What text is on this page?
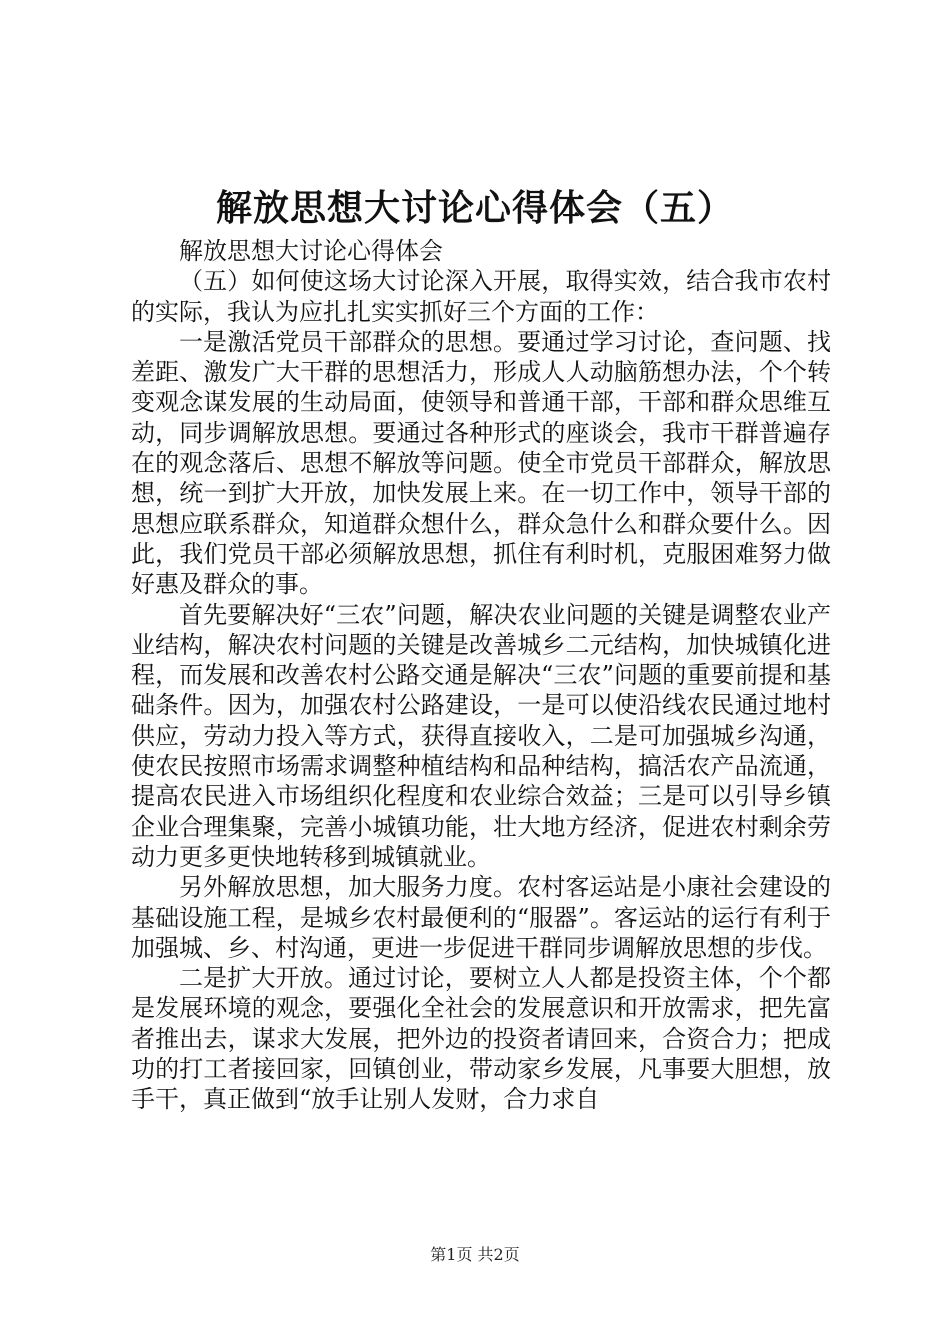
解放思想大讨论心得体会（五）

解放思想大讨论心得体会

（五）如何使这场大讨论深入开展，取得实效，结合我市农村的实际，我认为应扎扎实实抓好三个方面的工作：

一是激活党员干部群众的思想。要通过学习讨论，查问题、找差距、激发广大干群的思想活力，形成人人动脑筋想办法，个个转变观念谋发展的生动局面，使领导和普通干部，干部和群众思维互动，同步调解放思想。要通过各种形式的座谈会，我市干群普遍存在的观念落后、思想不解放等问题。使全市党员干部群众，解放思想，统一到扩大开放，加快发展上来。在一切工作中，领导干部的思想应联系群众，知道群众想什么，群众急什么和群众要什么。因此，我们党员干部必须解放思想，抓住有利时机，克服困难努力做好惠及群众的事。

首先要解决好“三农”问题，解决农业问题的关键是调整农业产业结构，解决农村问题的关键是改善城乡二元结构，加快城镇化进程，而发展和改善农村公路交通是解决“三农”问题的重要前提和基础条件。因为，加强农村公路建设，一是可以使沿线农民通过地村供应，劳动力投入等方式，获得直接收入，二是可加强城乡沟通，使农民按照市场需求调整种植结构和品种结构，搞活农产品流通，提高农民进入市场组织化程度和农业综合效益；三是可以引导乡镇企业合理集聚，完善小城镇功能，壮大地方经济，促进农村剩余劳动力更多更快地转移到城镇就业。

另外解放思想，加大服务力度。农村客运站是小康社会建设的基础设施工程，是城乡农村最便利的“服器”。客运站的运行有利于加强城、乡、村沟通，更进一步促进干群同步调解放思想的步伐。

二是扩大开放。通过讨论，要树立人人都是投资主体，个个都是发展环境的观念，要强化全社会的发展意识和开放需求，把先富者推出去，谋求大发展，把外边的投资者请回来，合资合力；把成功的打工者接回家，回镇创业，带动家乡发展，凡事要大胆想，放手干，真正做到“放手让别人发财，合力求自

第1页 共2页
